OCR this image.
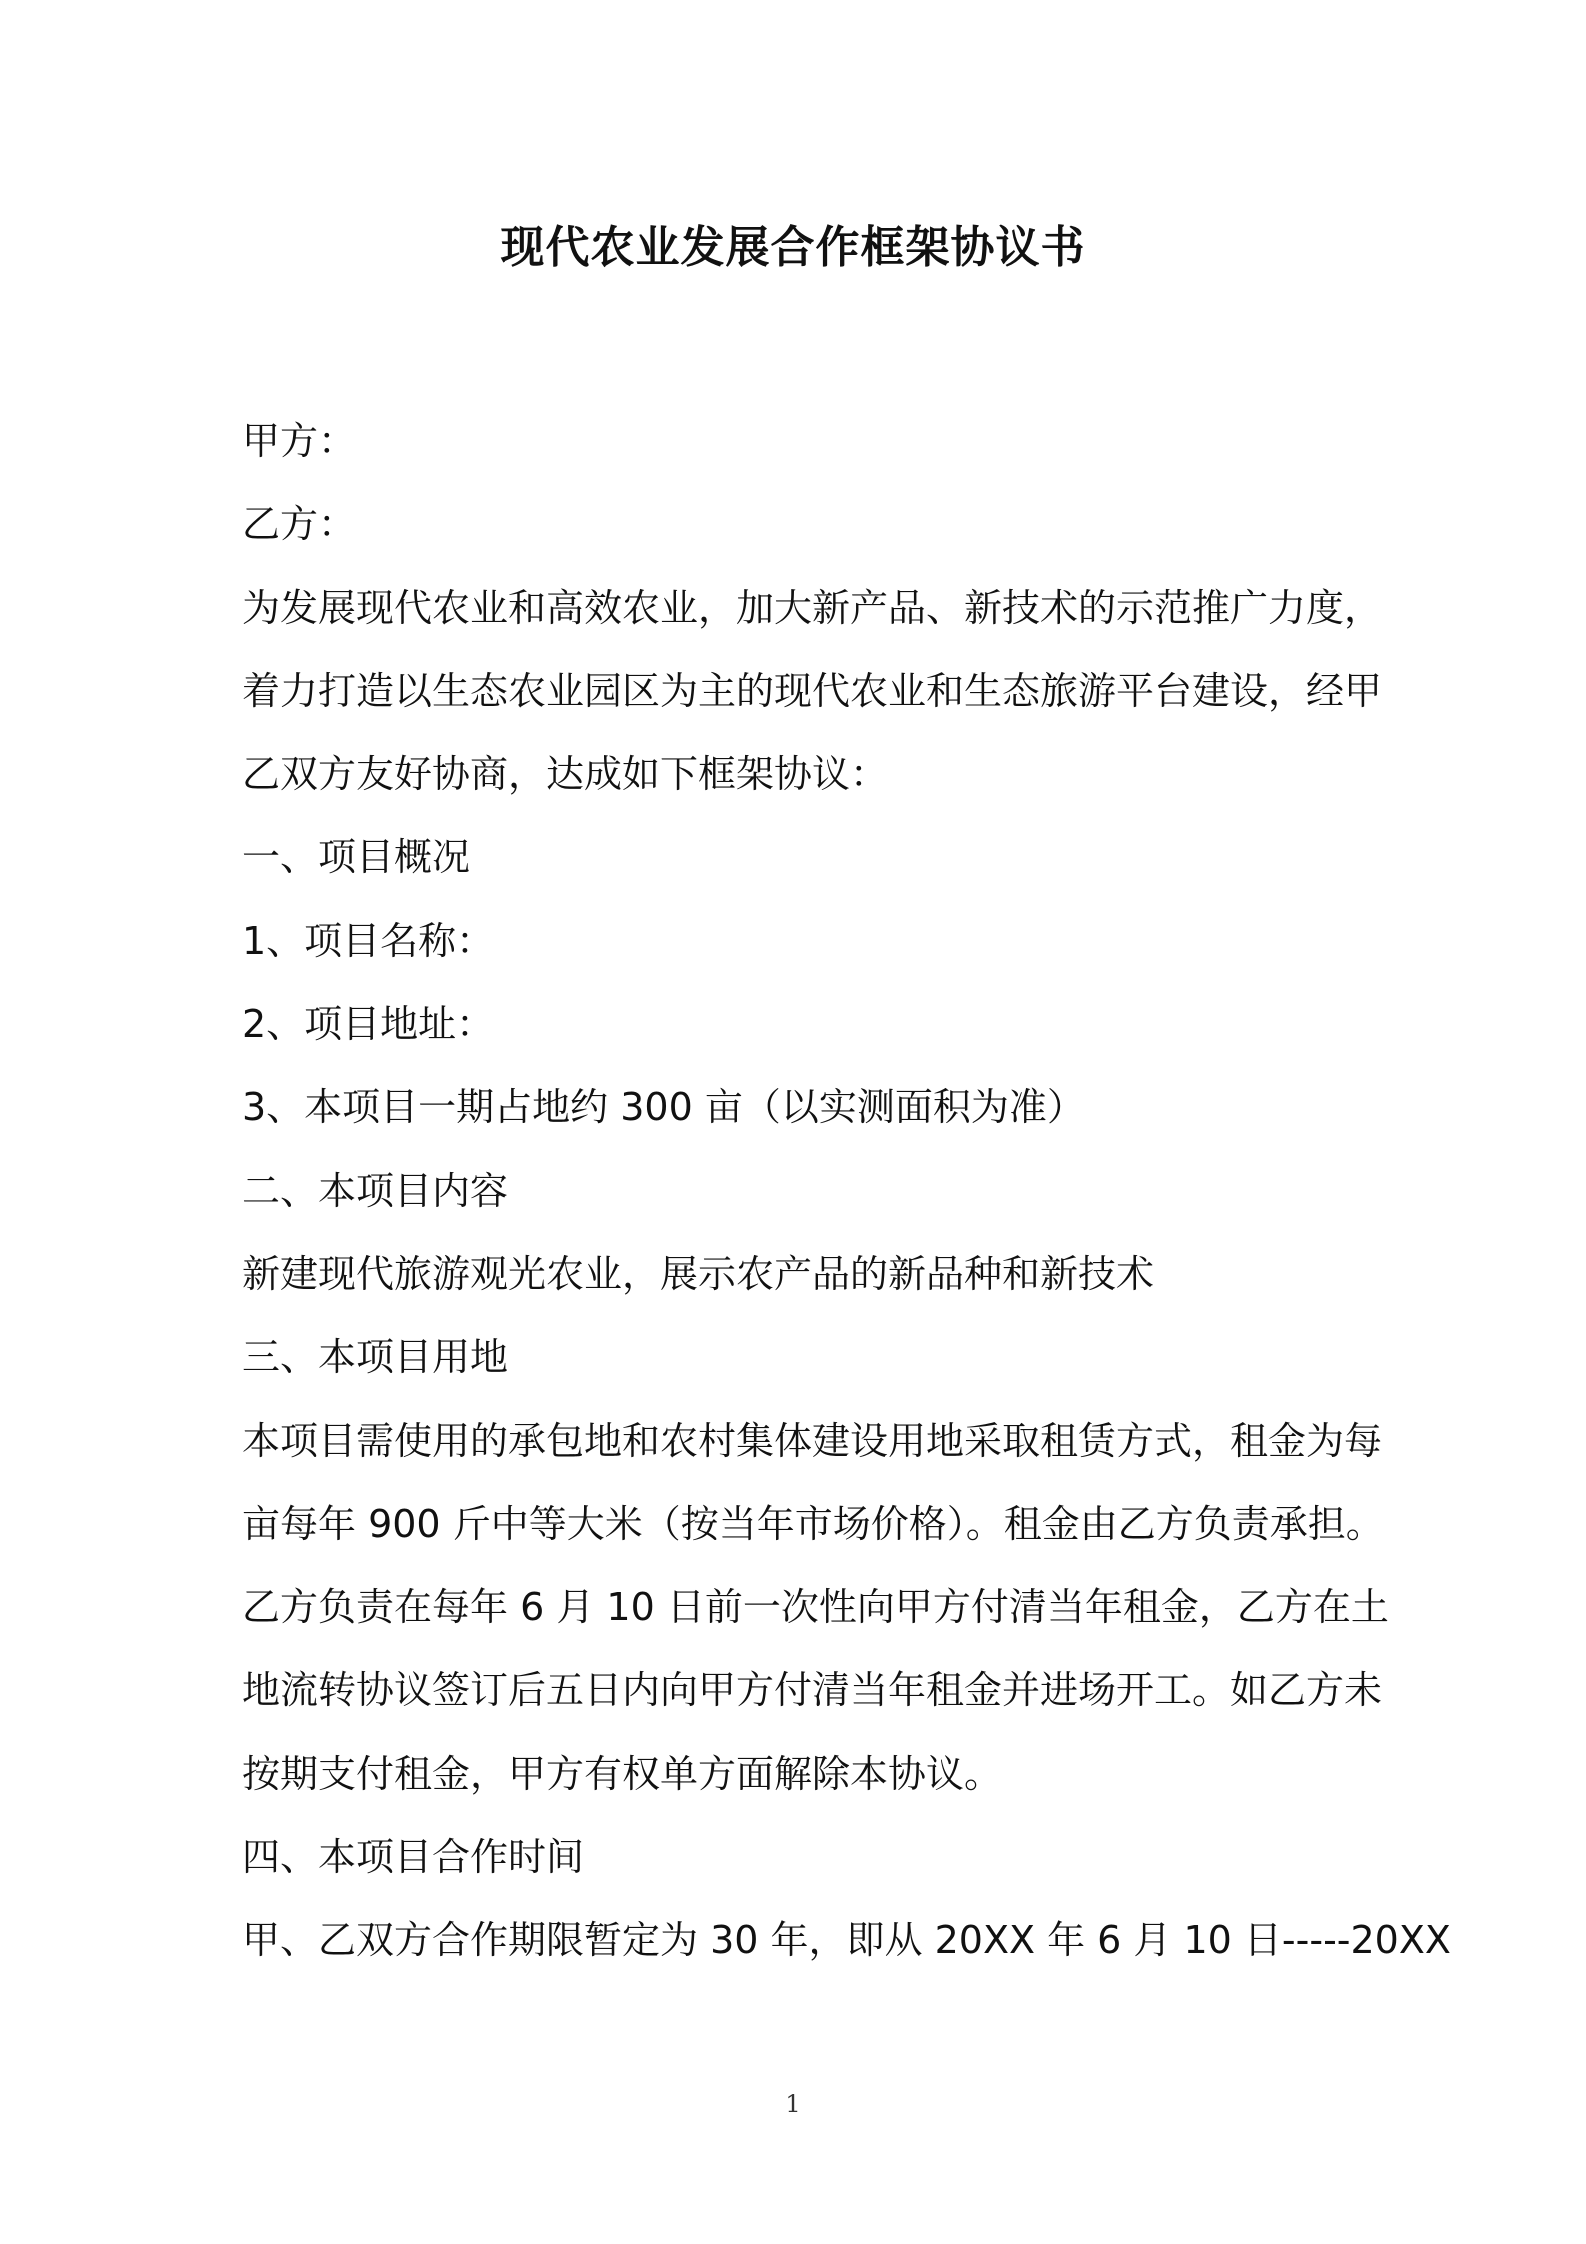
现代农业发展合作框架协议书
甲方：
乙方：
为发展现代农业和高效农业，加大新产品、新技术的示范推广力度，
着力打造以生态农业园区为主的现代农业和生态旅游平台建设，经甲
乙双方友好协商，达成如下框架协议：
一、项目概况
1、项目名称：
2、项目地址：
3、本项目一期占地约 300 亩（以实测面积为准）
二、本项目内容
新建现代旅游观光农业，展示农产品的新品种和新技术
三、本项目用地
本项目需使用的承包地和农村集体建设用地采取租赁方式，租金为每
亩每年 900 斤中等大米（按当年市场价格）。租金由乙方负责承担。
乙方负责在每年 6 月 10 日前一次性向甲方付清当年租金，乙方在土
地流转协议签订后五日内向甲方付清当年租金并进场开工。如乙方未
按期支付租金，甲方有权单方面解除本协议。
四、本项目合作时间
甲、乙双方合作期限暂定为 30 年，即从 20XX 年 6 月 10 日-----20XX
1
